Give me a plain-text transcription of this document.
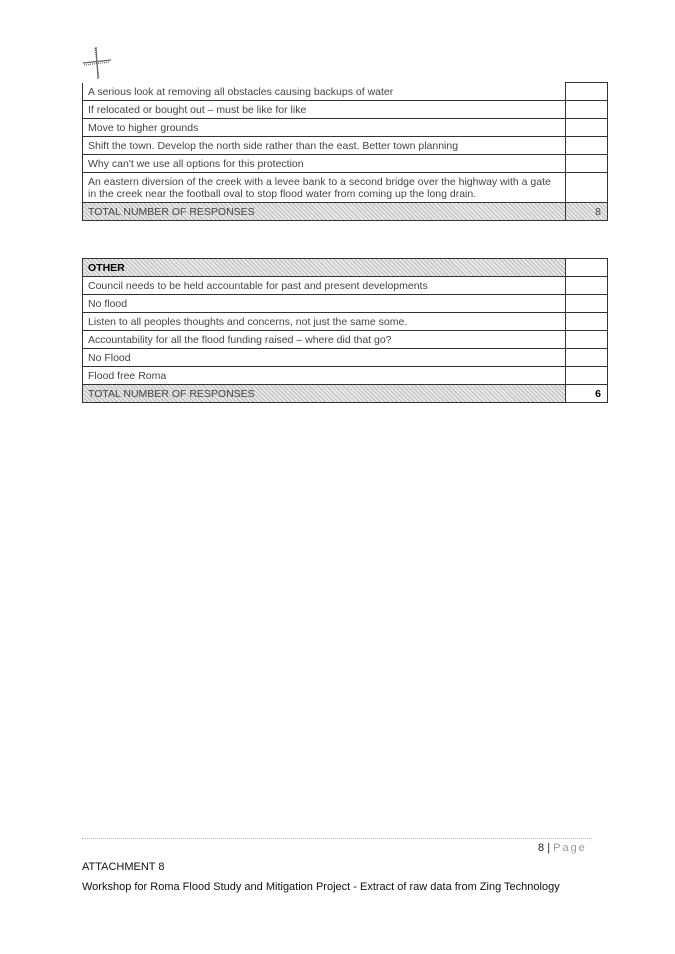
A serious look at removing all obstacles causing backups of water	
If relocated or bought out – must be like for like	
Move to higher grounds	
Shift the town. Develop the north side rather than the east. Better town planning	
Why can't we use all options for this protection	
An eastern diversion of the creek with a levee bank to a second bridge over the highway with a gate in the creek near the football oval to stop flood water from coming up the long drain.	
TOTAL NUMBER OF RESPONSES	8
OTHER	
Council needs to be held accountable for past and present developments	
No flood	
Listen to all peoples thoughts and concerns, not just the same some.	
Accountability for all the flood funding raised – where did that go?	
No Flood	
Flood free Roma	
TOTAL NUMBER OF RESPONSES	6
8 | Page
ATTACHMENT 8
Workshop for Roma Flood Study and Mitigation Project - Extract of raw data from Zing Technology
